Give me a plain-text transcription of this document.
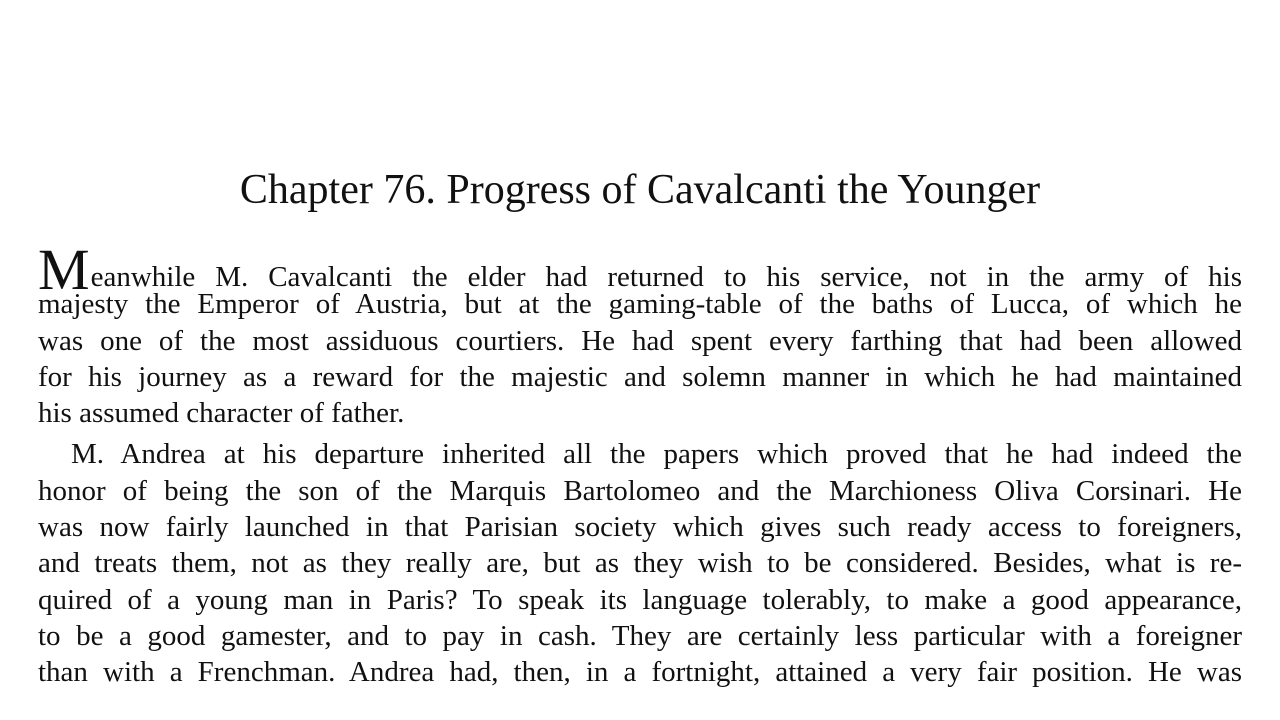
Chapter 76. Progress of Cavalcanti the Younger

Meanwhile M. Cavalcanti the elder had returned to his service, not in the army of his
majesty the Emperor of Austria, but at the gaming-table of the baths of Lucca, of which he
was one of the most assiduous courtiers. He had spent every farthing that had been allowed
for his journey as a reward for the majestic and solemn manner in which he had maintained
his assumed character of father.

M. Andrea at his departure inherited all the papers which proved that he had indeed the
honor of being the son of the Marquis Bartolomeo and the Marchioness Oliva Corsinari. He
was now fairly launched in that Parisian society which gives such ready access to foreigners,
and treats them, not as they really are, but as they wish to be considered. Besides, what is re-
quired of a young man in Paris? To speak its language tolerably, to make a good appearance,
to be a good gamester, and to pay in cash. They are certainly less particular with a foreigner
than with a Frenchman. Andrea had, then, in a fortnight, attained a very fair position. He was
